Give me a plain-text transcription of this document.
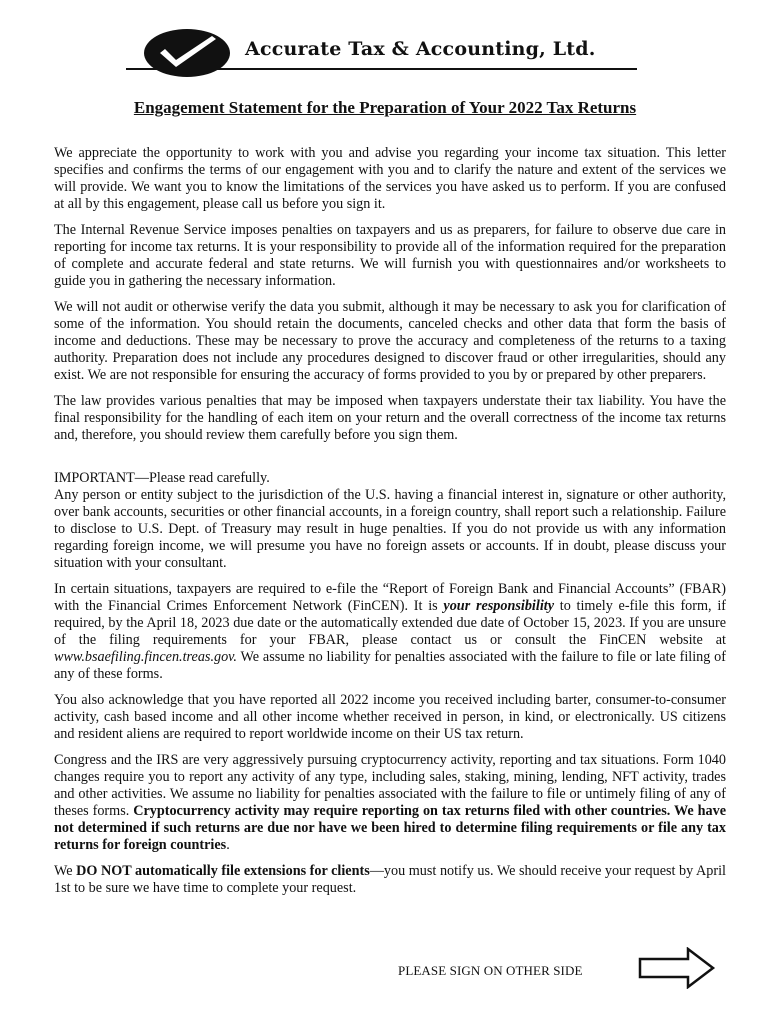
Accurate Tax & Accounting, Ltd.
Engagement Statement for the Preparation of Your 2022 Tax Returns

We appreciate the opportunity to work with you and advise you regarding your income tax situation. This letter specifies and confirms the terms of our engagement with you and to clarify the nature and extent of the services we will provide. We want you to know the limitations of the services you have asked us to perform. If you are confused at all by this engagement, please call us before you sign it.

The Internal Revenue Service imposes penalties on taxpayers and us as preparers, for failure to observe due care in reporting for income tax returns. It is your responsibility to provide all of the information required for the preparation of complete and accurate federal and state returns. We will furnish you with questionnaires and/or worksheets to guide you in gathering the necessary information.

We will not audit or otherwise verify the data you submit, although it may be necessary to ask you for clarification of some of the information. You should retain the documents, canceled checks and other data that form the basis of income and deductions. These may be necessary to prove the accuracy and completeness of the returns to a taxing authority. Preparation does not include any procedures designed to discover fraud or other irregularities, should any exist. We are not responsible for ensuring the accuracy of forms provided to you by or prepared by other preparers.

The law provides various penalties that may be imposed when taxpayers understate their tax liability. You have the final responsibility for the handling of each item on your return and the overall correctness of the income tax returns and, therefore, you should review them carefully before you sign them.

IMPORTANT—Please read carefully.

Any person or entity subject to the jurisdiction of the U.S. having a financial interest in, signature or other authority, over bank accounts, securities or other financial accounts, in a foreign country, shall report such a relationship. Failure to disclose to U.S. Dept. of Treasury may result in huge penalties. If you do not provide us with any information regarding foreign income, we will presume you have no foreign assets or accounts. If in doubt, please discuss your situation with your consultant.

In certain situations, taxpayers are required to e-file the “Report of Foreign Bank and Financial Accounts” (FBAR) with the Financial Crimes Enforcement Network (FinCEN). It is your responsibility to timely e-file this form, if required, by the April 18, 2023 due date or the automatically extended due date of October 15, 2023. If you are unsure of the filing requirements for your FBAR, please contact us or consult the FinCEN website at www.bsaefiling.fincen.treas.gov. We assume no liability for penalties associated with the failure to file or late filing of any of these forms.

You also acknowledge that you have reported all 2022 income you received including barter, consumer-to-consumer activity, cash based income and all other income whether received in person, in kind, or electronically. US citizens and resident aliens are required to report worldwide income on their US tax return.

Congress and the IRS are very aggressively pursuing cryptocurrency activity, reporting and tax situations. Form 1040 changes require you to report any activity of any type, including sales, staking, mining, lending, NFT activity, trades and other activities. We assume no liability for penalties associated with the failure to file or untimely filing of any of theses forms. Cryptocurrency activity may require reporting on tax returns filed with other countries. We have not determined if such returns are due nor have we been hired to determine filing requirements or file any tax returns for foreign countries.

We DO NOT automatically file extensions for clients—you must notify us. We should receive your request by April 1st to be sure we have time to complete your request.

PLEASE SIGN ON OTHER SIDE
